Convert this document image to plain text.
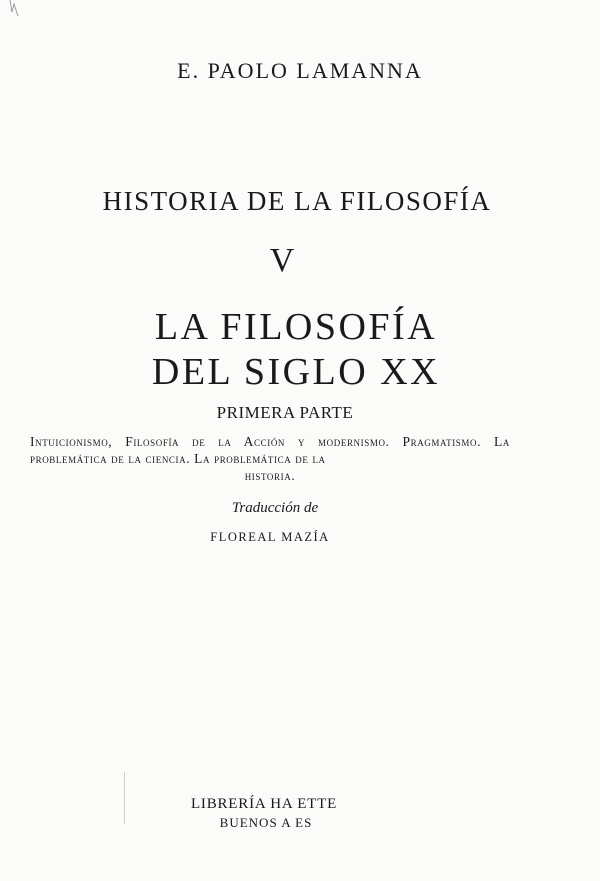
E. PAOLO LAMANNA
HISTORIA DE LA FILOSOFÍA
V
LA FILOSOFÍA
DEL SIGLO XX
PRIMERA PARTE
Intuicionismo, Filosofía de la Acción y modernismo. Pragmatismo. La problemática de la ciencia. La problemática de la
historia.
Traducción de
FLOREAL MAZÍA
LIBRERÍA HA ETTE
BUENOS A ES
